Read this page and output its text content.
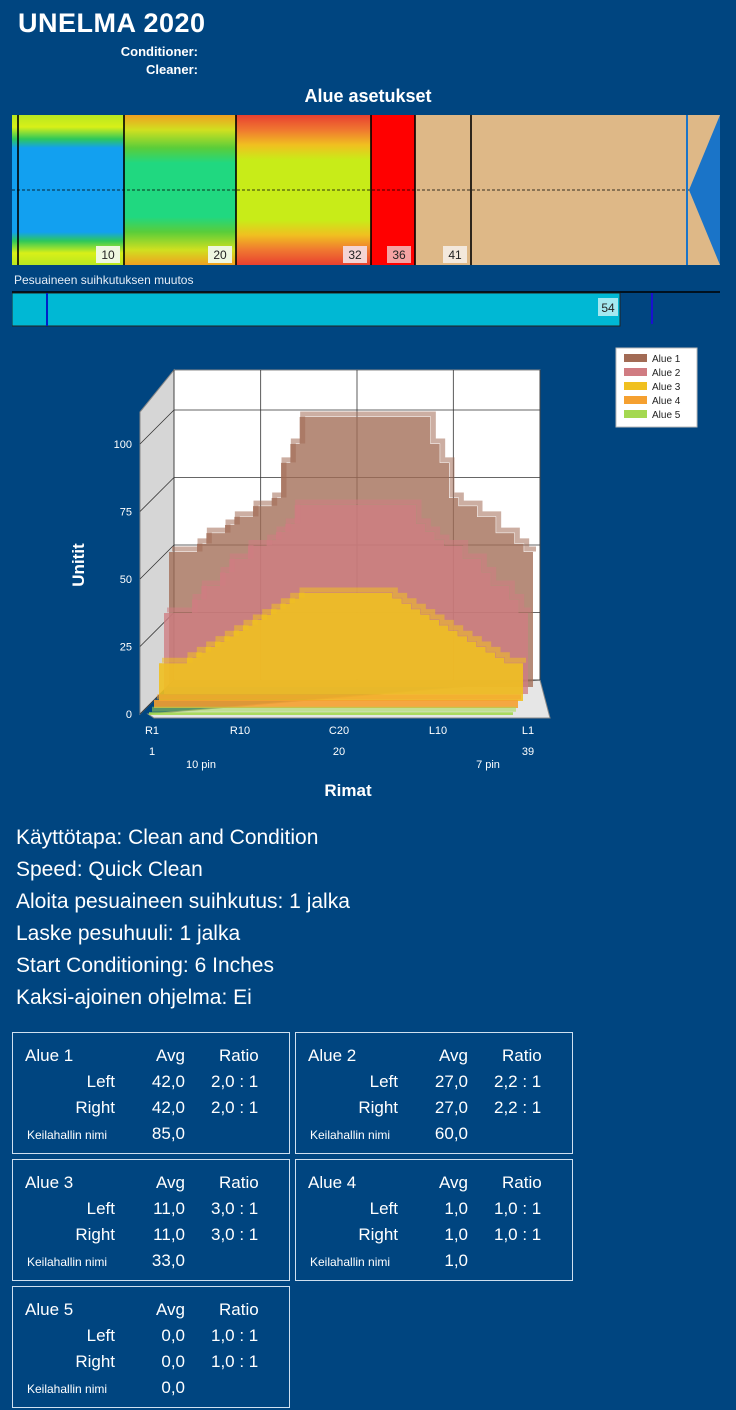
UNELMA 2020
Conditioner:
Cleaner:
Alue asetukset
10	20	32	36	41
Pesuaineen suihkutuksen muutos
54
0
25
50
75
100
R1	R10	C20	L10	L1
1	20	39
10 pin	7 pin
Unitit
Rimat
Alue 1
Alue 2
Alue 3
Alue 4
Alue 5
Käyttötapa: Clean and Condition
Speed: Quick Clean
Aloita pesuaineen suihkutus: 1 jalka
Laske pesuhuuli: 1 jalka
Start Conditioning: 6 Inches
Kaksi-ajoinen ohjelma: Ei
Alue 1	Avg Ratio
Left	42,0 2,0 : 1
Right	42,0 2,0 : 1
Keilahallin nimi	85,0
Alue 2	Avg Ratio
Left	27,0 2,2 : 1
Right	27,0 2,2 : 1
Keilahallin nimi	60,0
Alue 3	Avg Ratio
Left	11,0 3,0 : 1
Right	11,0 3,0 : 1
Keilahallin nimi	33,0
Alue 4	Avg Ratio
Left	1,0 1,0 : 1
Right	1,0 1,0 : 1
Keilahallin nimi	1,0
Alue 5	Avg Ratio
Left	0,0 1,0 : 1
Right	0,0 1,0 : 1
Keilahallin nimi	0,0
